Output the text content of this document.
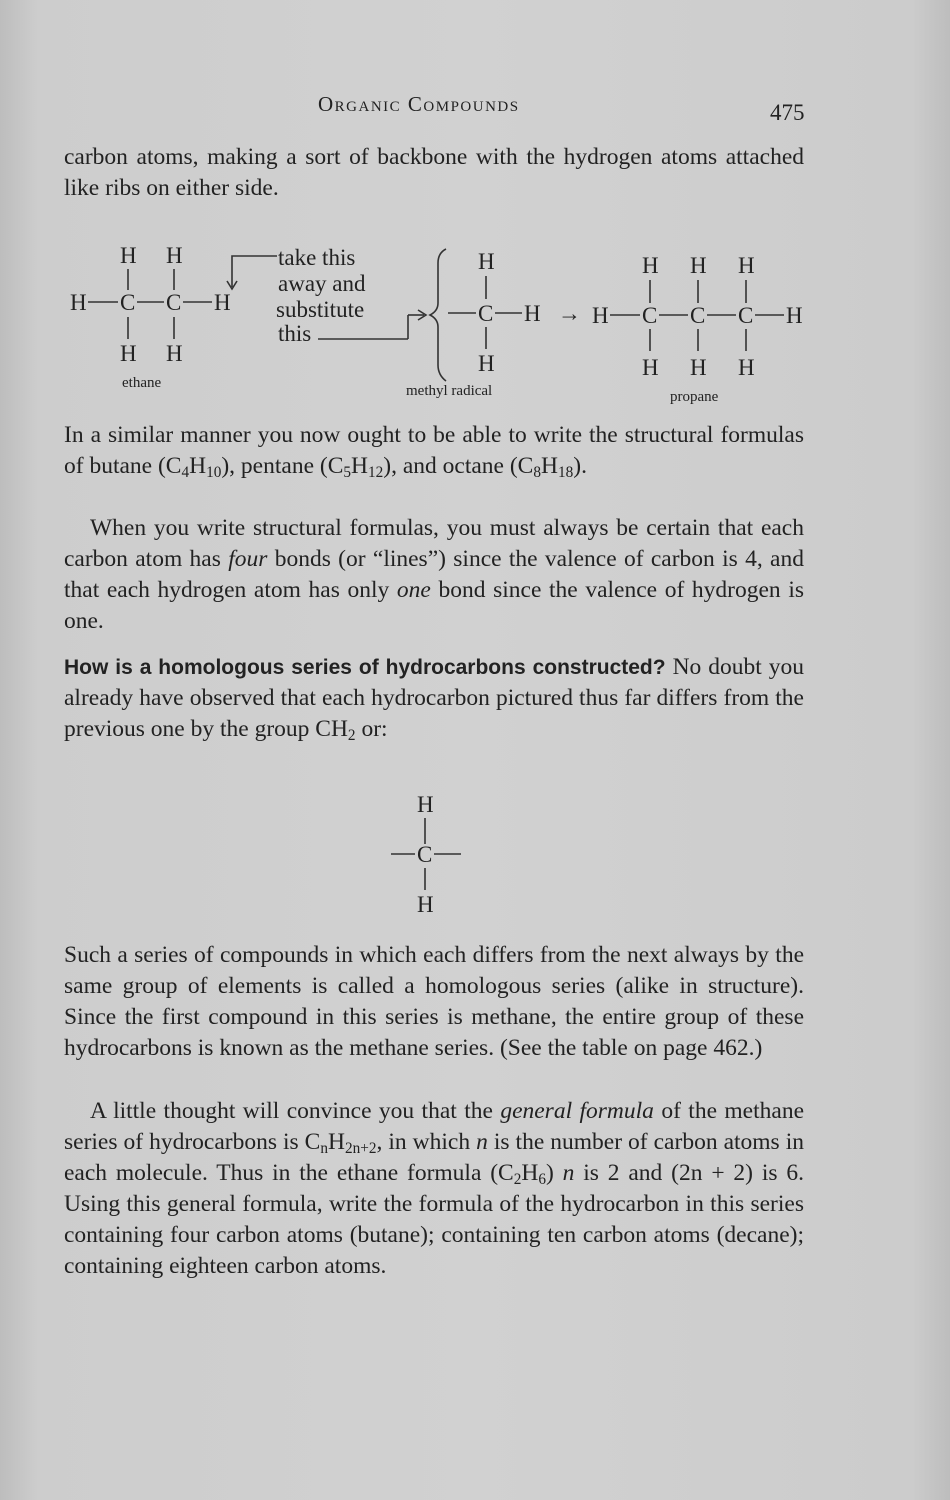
Organic Compounds	475

carbon atoms, making a sort of backbone with the hydrogen atoms attached like ribs on either side.

H H
H C C H
H H
ethane
take this
away and
substitute
this
H
C H
H
methyl radical
→
H H H
H C C C H
H H H
propane

In a similar manner you now ought to be able to write the structural formulas of butane $(C_4H_{10})$, pentane $(C_5H_{12})$, and octane $(C_8H_{18})$.

When you write structural formulas, you must always be certain that each carbon atom has four bonds (or “lines”) since the valence of carbon is 4, and that each hydrogen atom has only one bond since the valence of hydrogen is one.

How is a homologous series of hydrocarbons constructed? No doubt you already have observed that each hydrocarbon pictured thus far differs from the previous one by the group $CH_2$ or:

H
C
H

Such a series of compounds in which each differs from the next always by the same group of elements is called a homologous series (alike in structure). Since the first compound in this series is methane, the entire group of these hydrocarbons is known as the methane series. (See the table on page 462.)

A little thought will convince you that the general formula of the methane series of hydrocarbons is $C_nH_{2n+2}$, in which n is the number of carbon atoms in each molecule. Thus in the ethane formula $(C_2H_6)$ n is 2 and (2n + 2) is 6. Using this general formula, write the formula of the hydrocarbon in this series containing four carbon atoms (butane); containing ten carbon atoms (decane); containing eighteen carbon atoms.
